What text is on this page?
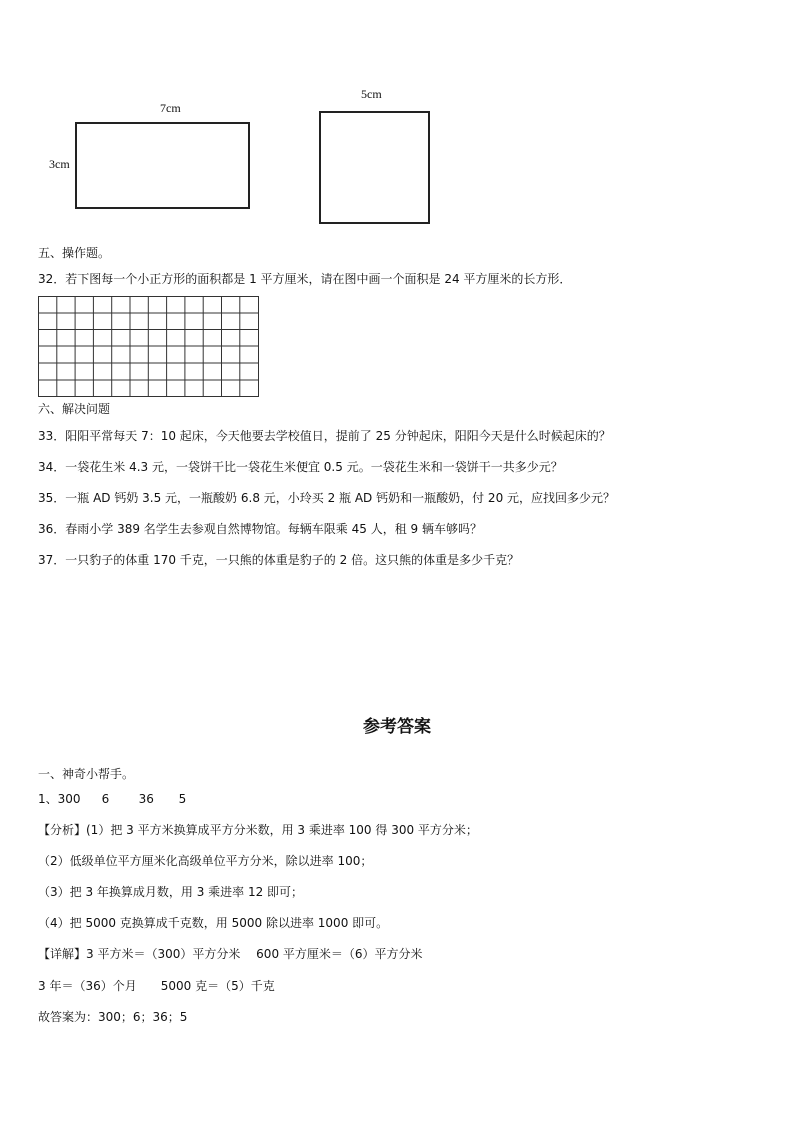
7cm
3cm
5cm
五、操作题。
32．若下图每一个小正方形的面积都是 1 平方厘米，请在图中画一个面积是 24 平方厘米的长方形．
六、解决问题
33．阳阳平常每天 7：10 起床，今天他要去学校值日，提前了 25 分钟起床，阳阳今天是什么时候起床的？
34．一袋花生米 4.3 元，一袋饼干比一袋花生米便宜 0.5 元。一袋花生米和一袋饼干一共多少元？
35．一瓶 AD 钙奶 3.5 元，一瓶酸奶 6.8 元，小玲买 2 瓶 AD 钙奶和一瓶酸奶，付 20 元，应找回多少元？
36．春雨小学 389 名学生去参观自然博物馆。每辆车限乘 45 人，租 9 辆车够吗？
37．一只豹子的体重 170 千克，一只熊的体重是豹子的 2 倍。这只熊的体重是多少千克？
参考答案
一、神奇小帮手。
1、300 6 36 5
【分析】(1）把 3 平方米换算成平方分米数，用 3 乘进率 100 得 300 平方分米；
（2）低级单位平方厘米化高级单位平方分米，除以进率 100；
（3）把 3 年换算成月数，用 3 乘进率 12 即可；
（4）把 5000 克换算成千克数，用 5000 除以进率 1000 即可。
【详解】3 平方米＝（300）平方分米　 600 平方厘米＝（6）平方分米
3 年＝（36）个月　　5000 克＝（5）千克
故答案为：300；6；36；5
